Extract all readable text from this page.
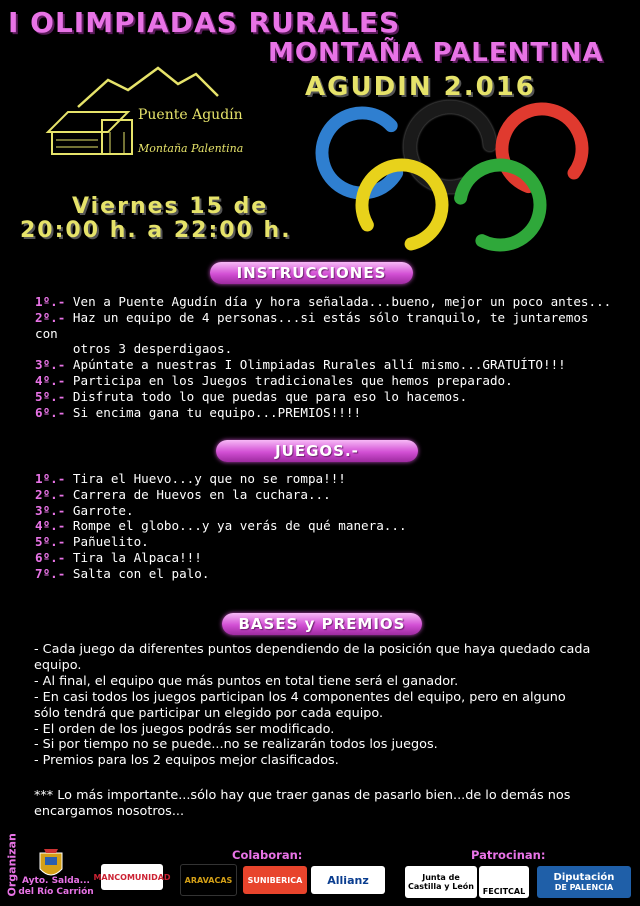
I OLIMPIADAS RURALES
MONTAÑA PALENTINA
AGUDIN 2.016
Puente Agudín
Montaña Palentina
Viernes 15 de
20:00 h. a 22:00 h.
INSTRUCCIONES
1º.- Ven a Puente Agudín día y hora señalada...bueno, mejor un poco antes...
2º.- Haz un equipo de 4 personas...si estás sólo tranquilo, te juntaremos con
otros 3 desperdigaos.
3º.- Apúntate a nuestras I Olimpiadas Rurales allí mismo...GRATUÍTO!!!
4º.- Participa en los Juegos tradicionales que hemos preparado.
5º.- Disfruta todo lo que puedas que para eso lo hacemos.
6º.- Si encima gana tu equipo...PREMIOS!!!!
JUEGOS.-
1º.- Tira el Huevo...y que no se rompa!!!
2º.- Carrera de Huevos en la cuchara...
3º.- Garrote.
4º.- Rompe el globo...y ya verás de qué manera...
5º.- Pañuelito.
6º.- Tira la Alpaca!!!
7º.- Salta con el palo.
BASES y PREMIOS
- Cada juego da diferentes puntos dependiendo de la posición que haya quedado cada equipo.
- Al final, el equipo que más puntos en total tiene será el ganador.
- En casi todos los juegos participan los 4 componentes del equipo, pero en alguno sólo tendrá que participar un elegido por cada equipo.
- El orden de los juegos podrás ser modificado.
- Si por tiempo no se puede...no se realizarán todos los juegos.
- Premios para los 2 equipos mejor clasificados.
*** Lo más importante...sólo hay que traer ganas de pasarlo bien...de lo demás nos encargamos nosotros...
Organizan Ayto. Salda... del Río Carrión
Colaboran:	Patrocinan:
MANCOMUNIDAD	ARAVACAS	SUNIBERICA	Allianz	Junta de Castilla y León
FECITCAL
Diputación
DE PALENCIA
